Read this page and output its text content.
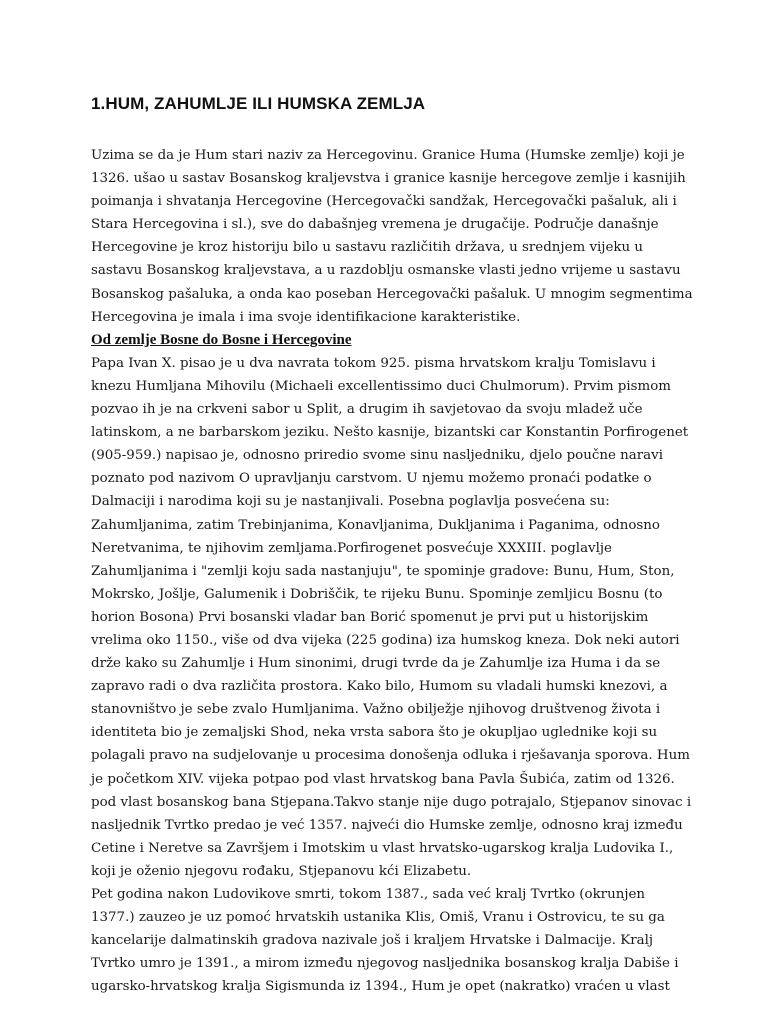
1.HUM, ZAHUMLJE ILI HUMSKA ZEMLJA

Uzima se da je Hum stari naziv za Hercegovinu. Granice Huma (Humske zemlje) koji je
1326. ušao u sastav Bosanskog kraljevstva i granice kasnije hercegove zemlje i kasnijih
poimanja i shvatanja Hercegovine (Hercegovački sandžak, Hercegovački pašaluk, ali i
Stara Hercegovina i sl.), sve do dabašnjeg vremena je drugačije. Područje današnje
Hercegovine je kroz historiju bilo u sastavu različitih država, u srednjem vijeku u
sastavu Bosanskog kraljevstava, a u razdoblju osmanske vlasti jedno vrijeme u sastavu
Bosanskog pašaluka, a onda kao poseban Hercegovački pašaluk. U mnogim segmentima
Hercegovina je imala i ima svoje identifikacione karakteristike.

Od zemlje Bosne do Bosne i Hercegovine

Papa Ivan X. pisao je u dva navrata tokom 925. pisma hrvatskom kralju Tomislavu i
knezu Humljana Mihovilu (Michaeli excellentissimo duci Chulmorum). Prvim pismom
pozvao ih je na crkveni sabor u Split, a drugim ih savjetovao da svoju mladež uče
latinskom, a ne barbarskom jeziku. Nešto kasnije, bizantski car Konstantin Porfirogenet
(905-959.) napisao je, odnosno priredio svome sinu nasljedniku, djelo poučne naravi
poznato pod nazivom O upravljanju carstvom. U njemu možemo pronaći podatke o
Dalmaciji i narodima koji su je nastanjivali. Posebna poglavlja posvećena su:
Zahumljanima, zatim Trebinjanima, Konavljanima, Dukljanima i Paganima, odnosno
Neretvanima, te njihovim zemljama.Porfirogenet posvećuje XXXIII. poglavlje
Zahumljanima i "zemlji koju sada nastanjuju", te spominje gradove: Bunu, Hum, Ston,
Mokrsko, Jošlje, Galumenik i Dobriščik, te rijeku Bunu. Spominje zemljicu Bosnu (to
horion Bosona) Prvi bosanski vladar ban Borić spomenut je prvi put u historijskim
vrelima oko 1150., više od dva vijeka (225 godina) iza humskog kneza. Dok neki autori
drže kako su Zahumlje i Hum sinonimi, drugi tvrde da je Zahumlje iza Huma i da se
zapravo radi o dva različita prostora. Kako bilo, Humom su vladali humski knezovi, a
stanovništvo je sebe zvalo Humljanima. Važno obilježje njihovog društvenog života i
identiteta bio je zemaljski Shod, neka vrsta sabora što je okupljao uglednike koji su
polagali pravo na sudjelovanje u procesima donošenja odluka i rješavanja sporova. Hum
je početkom XIV. vijeka potpao pod vlast hrvatskog bana Pavla Šubića, zatim od 1326.
pod vlast bosanskog bana Stjepana.Takvo stanje nije dugo potrajalo, Stjepanov sinovac i
nasljednik Tvrtko predao je već 1357. najveći dio Humske zemlje, odnosno kraj između
Cetine i Neretve sa Završjem i Imotskim u vlast hrvatsko-ugarskog kralja Ludovika I.,
koji je oženio njegovu rođaku, Stjepanovu kći Elizabetu.

Pet godina nakon Ludovikove smrti, tokom 1387., sada već kralj Tvrtko (okrunjen
1377.) zauzeo je uz pomoć hrvatskih ustanika Klis, Omiš, Vranu i Ostrovicu, te su ga
kancelarije dalmatinskih gradova nazivale još i kraljem Hrvatske i Dalmacije. Kralj
Tvrtko umro je 1391., a mirom između njegovog nasljednika bosanskog kralja Dabiše i
ugarsko-hrvatskog kralja Sigismunda iz 1394., Hum je opet (nakratko) vraćen u vlast
